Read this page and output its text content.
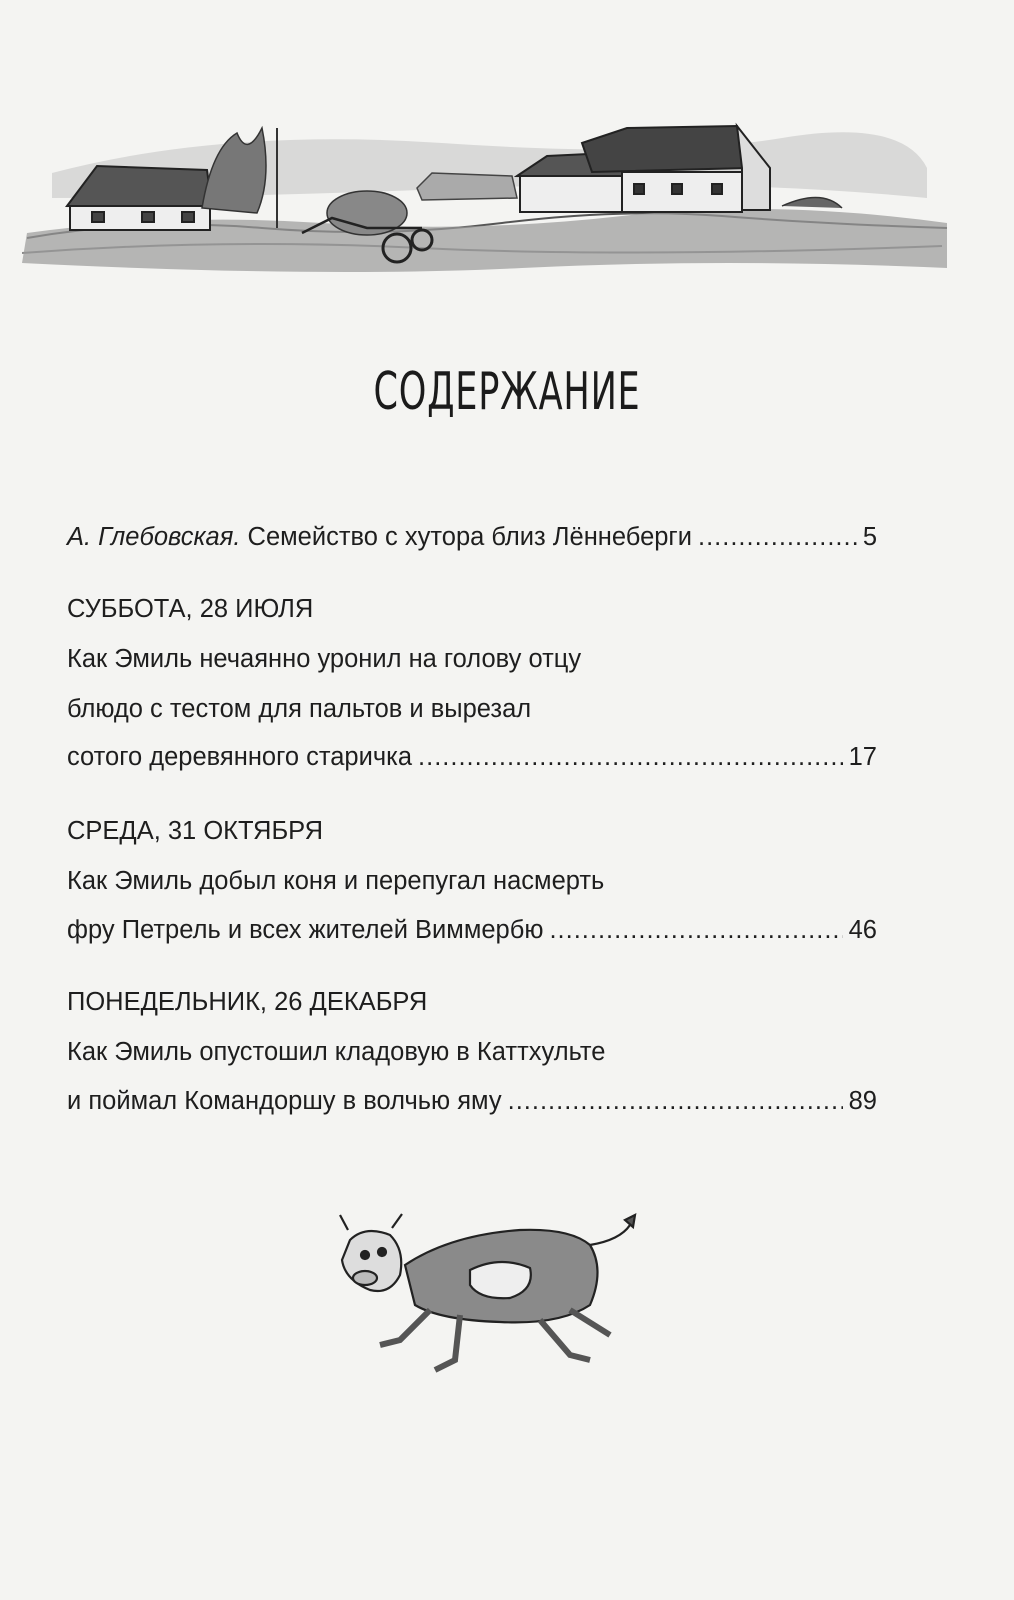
СОДЕРЖАНИЕ
А. Глебовская. Семейство с хутора близ Лённеберги .....	5
СУББОТА, 28 ИЮЛЯ
Как Эмиль нечаянно уронил на голову отцу
блюдо с тестом для пальтов и вырезал
сотого деревянного старичка .....	17
СРЕДА, 31 ОКТЯБРЯ
Как Эмиль добыл коня и перепугал насмерть
фру Петрель и всех жителей Виммербю .....	46
ПОНЕДЕЛЬНИК, 26 ДЕКАБРЯ
Как Эмиль опустошил кладовую в Каттхульте
и поймал Командоршу в волчью яму .....	89
